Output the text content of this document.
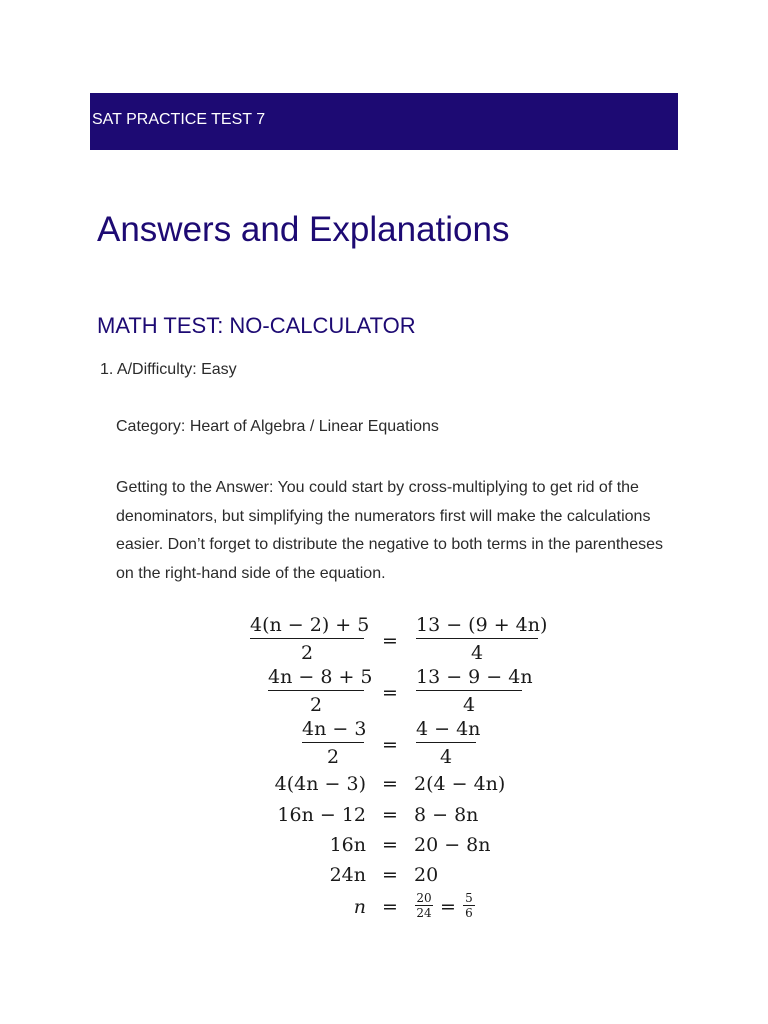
SAT PRACTICE TEST 7
Answers and Explanations
MATH TEST: NO-CALCULATOR
1. A/Difficulty: Easy
Category: Heart of Algebra / Linear Equations
Getting to the Answer: You could start by cross-multiplying to get rid of the denominators, but simplifying the numerators first will make the calculations easier. Don’t forget to distribute the negative to both terms in the parentheses on the right-hand side of the equation.
4(n − 2) + 5
2
=
13 − (9 + 4n)
4
4n − 8 + 5
2
=
13 − 9 − 4n
4
4n − 3
2
=
4 − 4n
4
4(4n − 3) = 2(4 − 4n)
16n − 12 = 8 − 8n
16n = 20 − 8n
24n = 20
n = 20
24 = 5
6
